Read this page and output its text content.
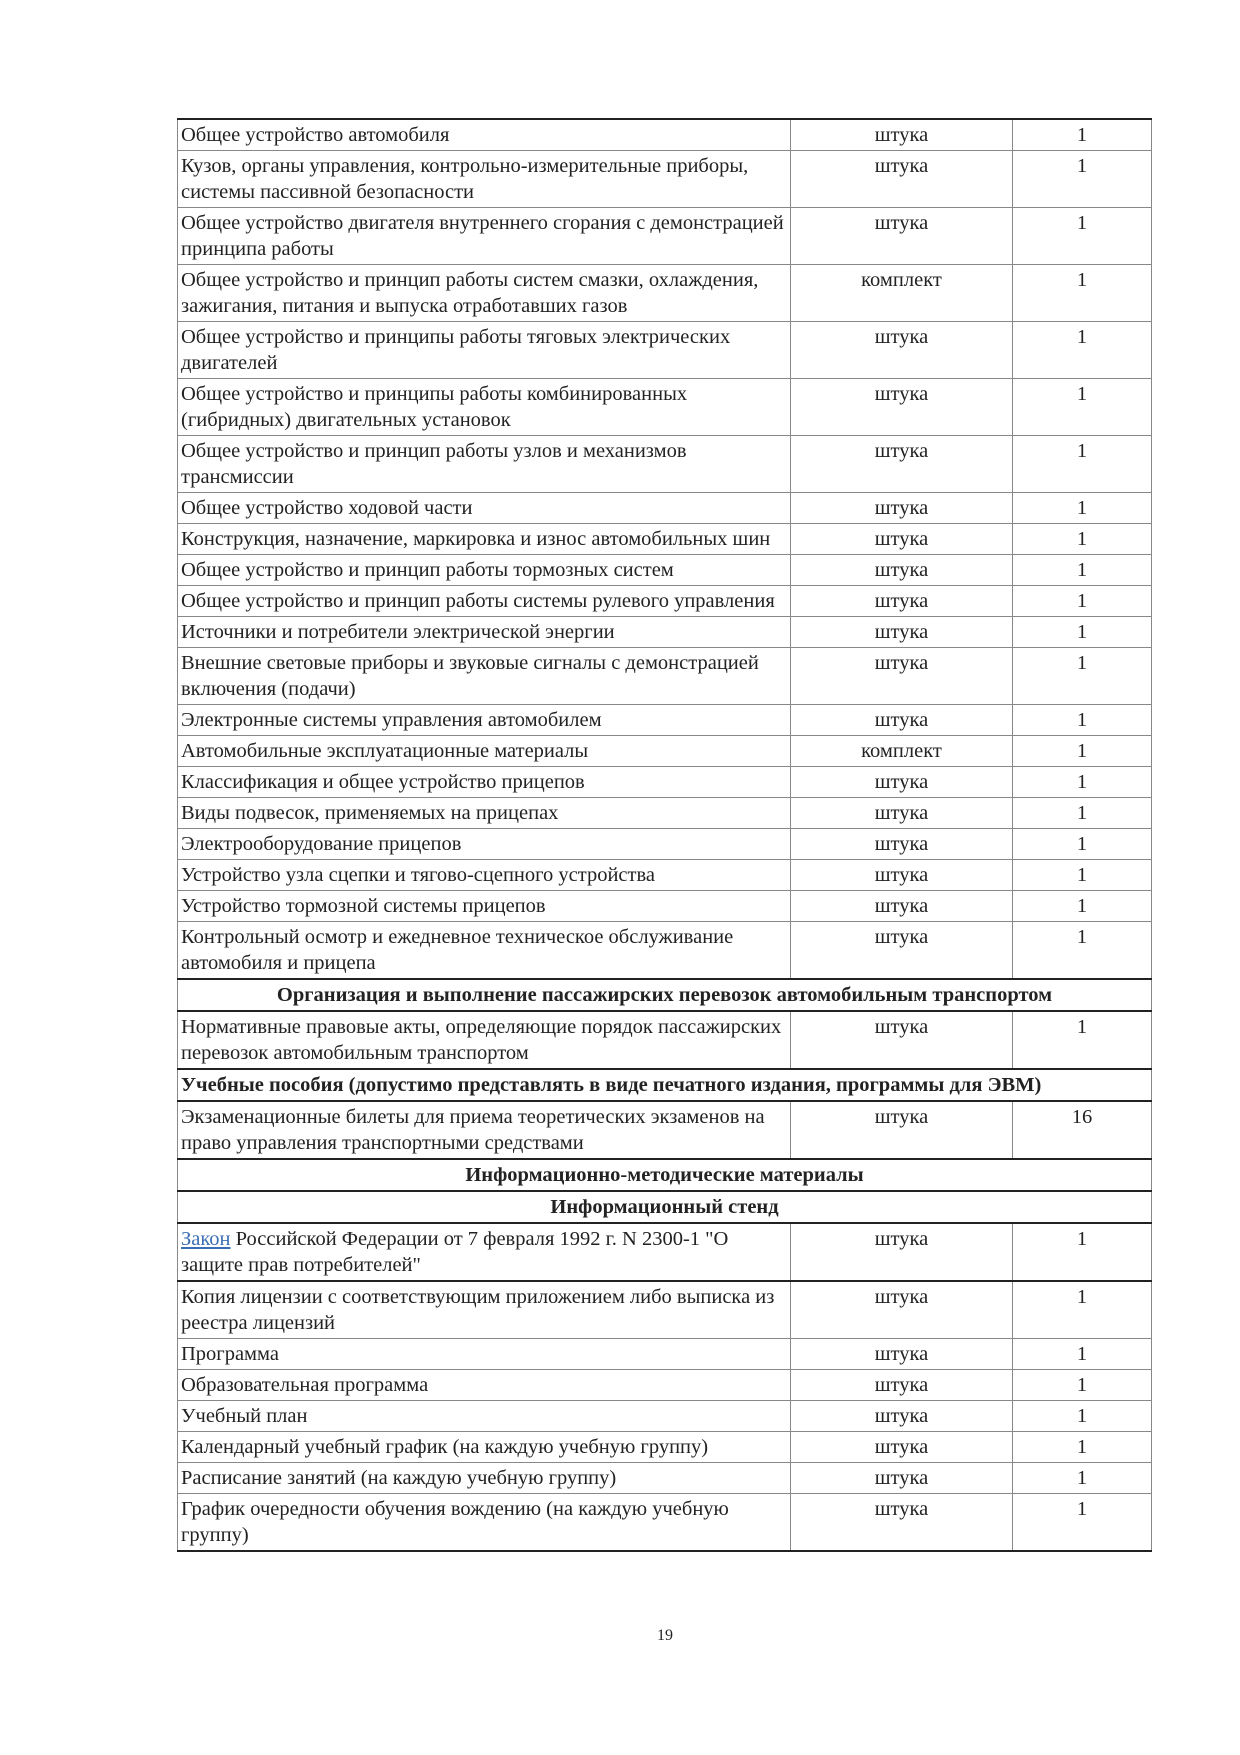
Общее устройство автомобиля	штука	1
Кузов, органы управления, контрольно-измерительные приборы, системы пассивной безопасности	штука	1
Общее устройство двигателя внутреннего сгорания с демонстрацией принципа работы	штука	1
Общее устройство и принцип работы систем смазки, охлаждения, зажигания, питания и выпуска отработавших газов	комплект	1
Общее устройство и принципы работы тяговых электрических двигателей	штука	1
Общее устройство и принципы работы комбинированных (гибридных) двигательных установок	штука	1
Общее устройство и принцип работы узлов и механизмов трансмиссии	штука	1
Общее устройство ходовой части	штука	1
Конструкция, назначение, маркировка и износ автомобильных шин	штука	1
Общее устройство и принцип работы тормозных систем	штука	1
Общее устройство и принцип работы системы рулевого управления	штука	1
Источники и потребители электрической энергии	штука	1
Внешние световые приборы и звуковые сигналы с демонстрацией включения (подачи)	штука	1
Электронные системы управления автомобилем	штука	1
Автомобильные эксплуатационные материалы	комплект	1
Классификация и общее устройство прицепов	штука	1
Виды подвесок, применяемых на прицепах	штука	1
Электрооборудование прицепов	штука	1
Устройство узла сцепки и тягово-сцепного устройства	штука	1
Устройство тормозной системы прицепов	штука	1
Контрольный осмотр и ежедневное техническое обслуживание автомобиля и прицепа	штука	1
Организация и выполнение пассажирских перевозок автомобильным транспортом		
Нормативные правовые акты, определяющие порядок пассажирских перевозок автомобильным транспортом	штука	1
Учебные пособия (допустимо представлять в виде печатного издания, программы для ЭВМ)		
Экзаменационные билеты для приема теоретических экзаменов на право управления транспортными средствами	штука	16
Информационно-методические материалы		
Информационный стенд		
Закон Российской Федерации от 7 февраля 1992 г. N 2300-1 "О защите прав потребителей"	штука	1
Копия лицензии с соответствующим приложением либо выписка из реестра лицензий	штука	1
Программа	штука	1
Образовательная программа	штука	1
Учебный план	штука	1
Календарный учебный график (на каждую учебную группу)	штука	1
Расписание занятий (на каждую учебную группу)	штука	1
График очередности обучения вождению (на каждую учебную группу)	штука	1
19
